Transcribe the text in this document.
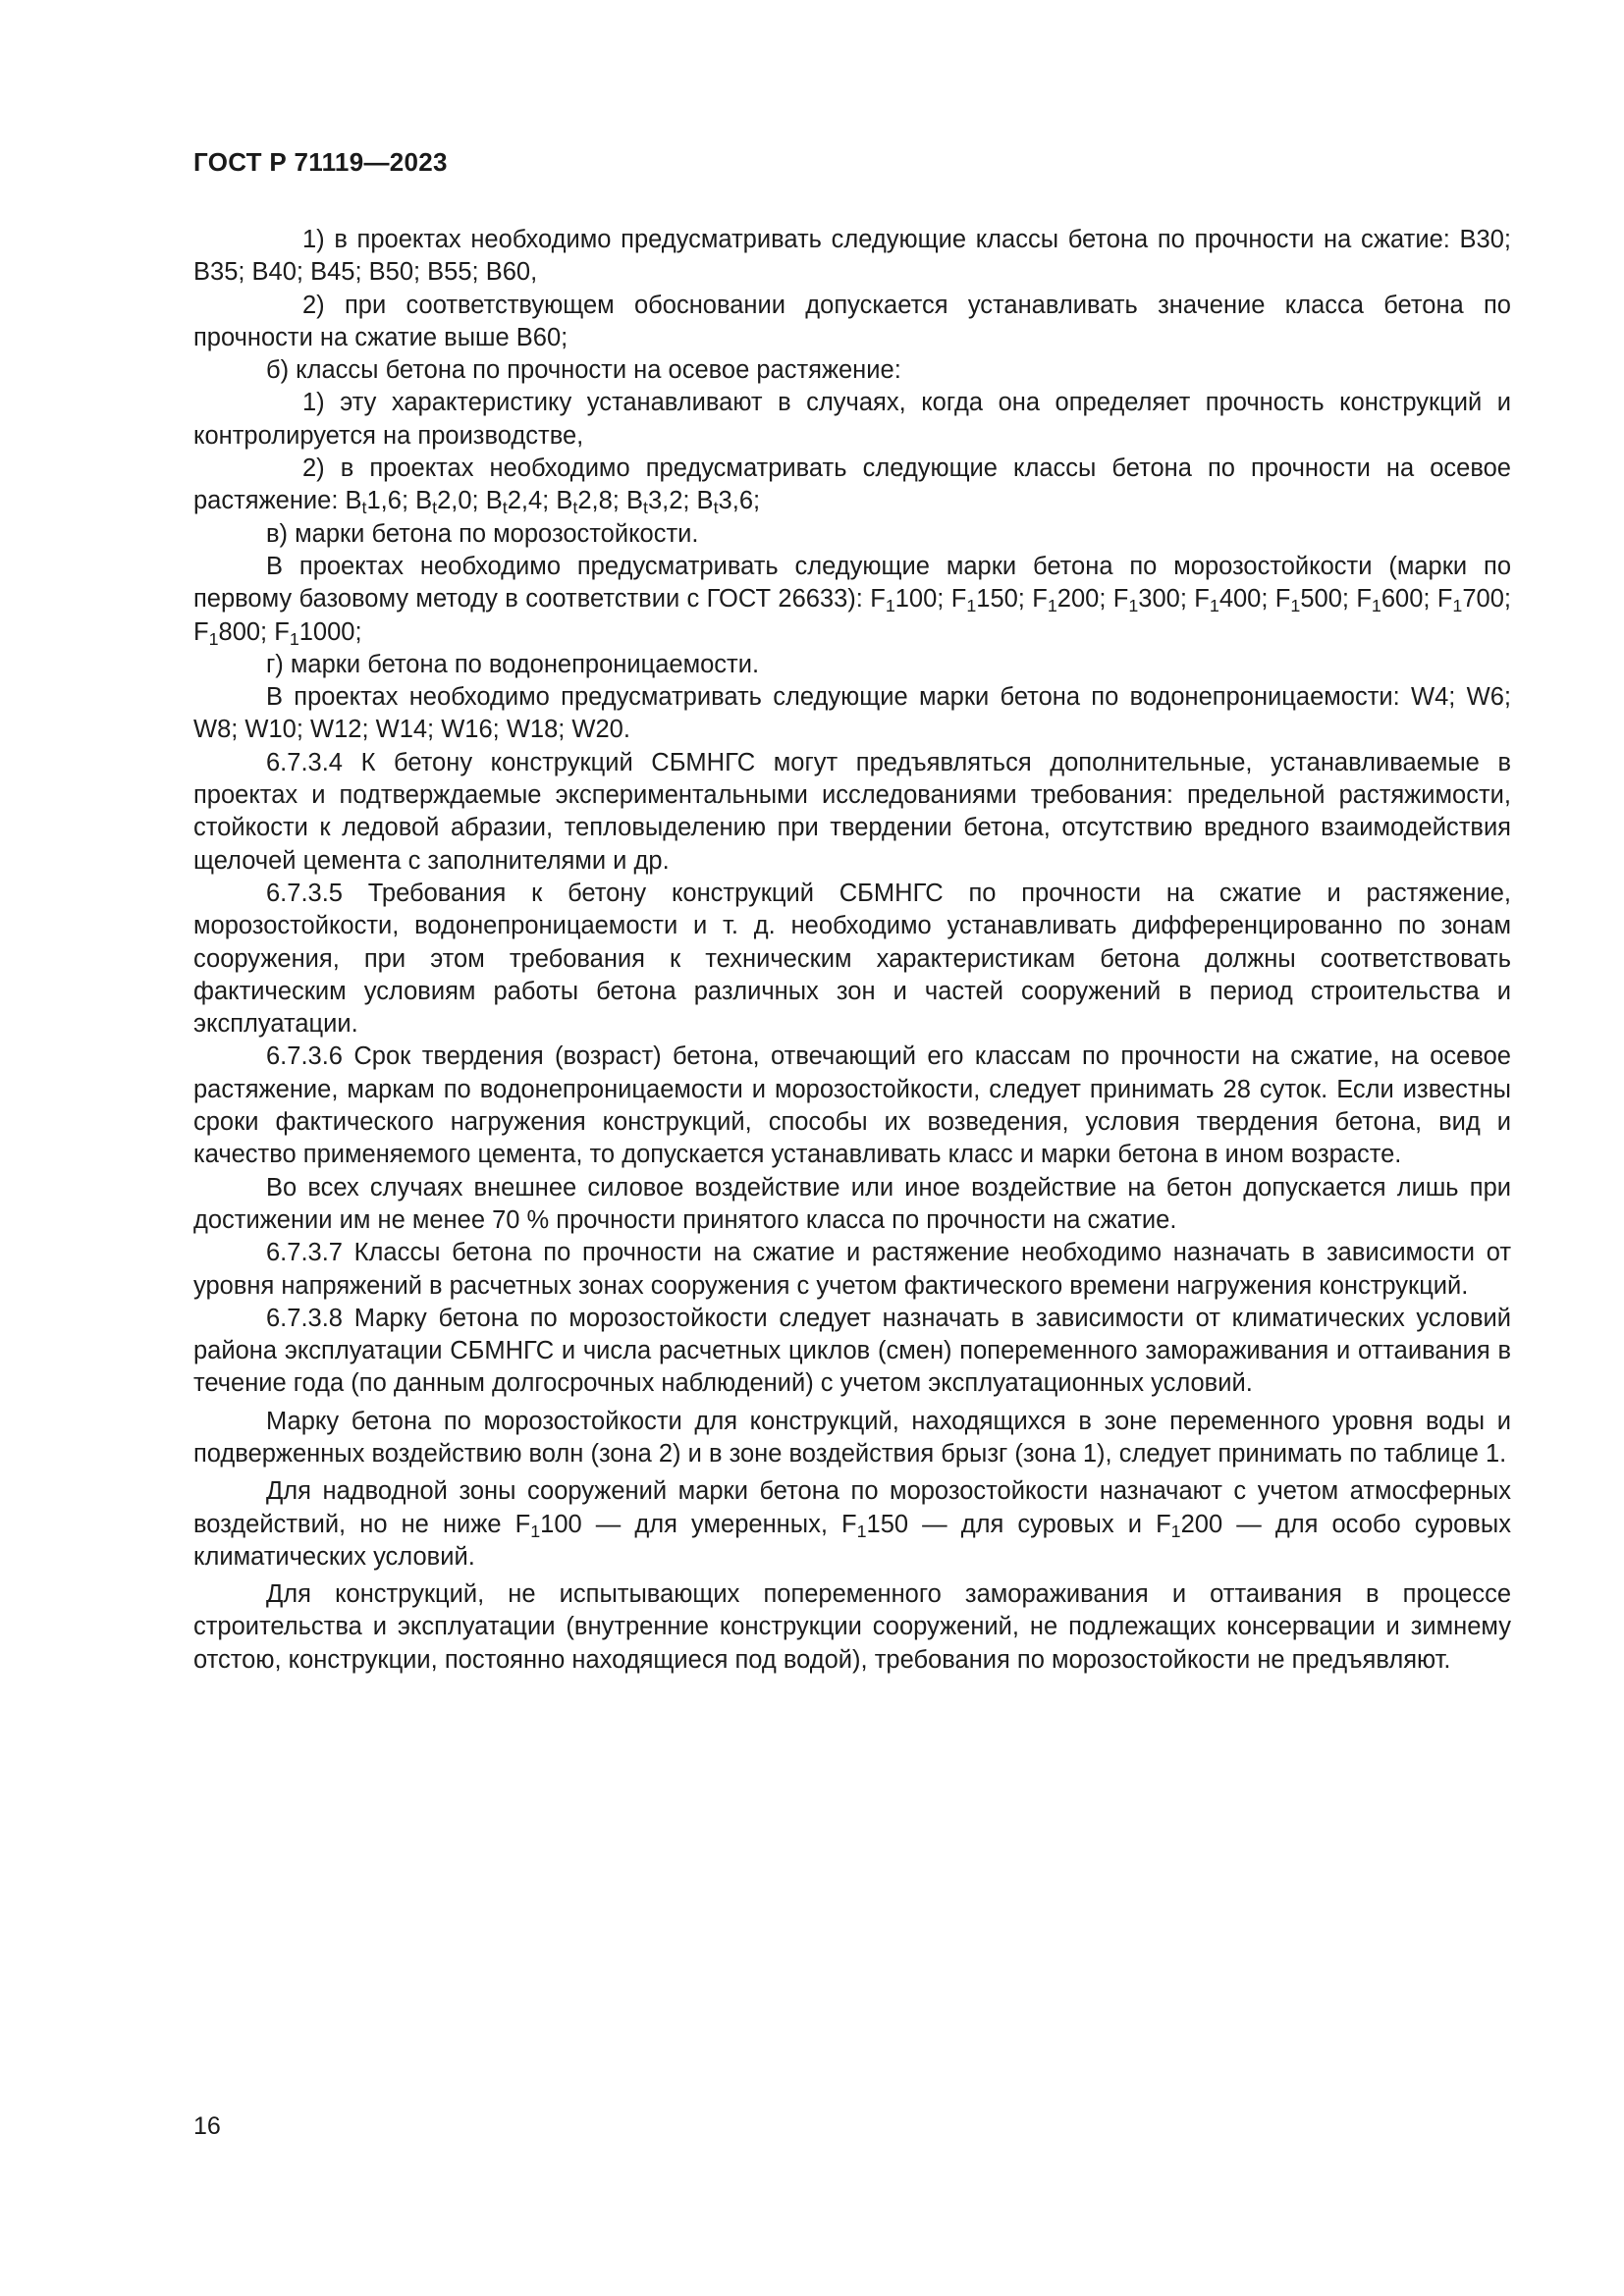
ГОСТ Р 71119—2023

1) в проектах необходимо предусматривать следующие классы бетона по прочности на сжатие: В30; В35; В40; В45; В50; В55; В60,

2) при соответствующем обосновании допускается устанавливать значение класса бетона по прочности на сжатие выше В60;

б) классы бетона по прочности на осевое растяжение:

1) эту характеристику устанавливают в случаях, когда она определяет прочность конструкций и контролируется на производстве,

2) в проектах необходимо предусматривать следующие классы бетона по прочности на осевое растяжение: $B_t1,6$; $B_t2,0$; $B_t2,4$; $B_t2,8$; $B_t3,2$; $B_t3,6$;

в) марки бетона по морозостойкости.

В проектах необходимо предусматривать следующие марки бетона по морозостойкости (марки по первому базовому методу в соответствии с ГОСТ 26633): $F_1100$; $F_1150$; $F_1200$; $F_1300$; $F_1400$; $F_1500$; $F_1600$; $F_1700$; $F_1800$; $F_11000$;

г) марки бетона по водонепроницаемости.

В проектах необходимо предусматривать следующие марки бетона по водонепроницаемости: W4; W6; W8; W10; W12; W14; W16; W18; W20.

6.7.3.4 К бетону конструкций СБМНГС могут предъявляться дополнительные, устанавливаемые в проектах и подтверждаемые экспериментальными исследованиями требования: предельной растяжимости, стойкости к ледовой абразии, тепловыделению при твердении бетона, отсутствию вредного взаимодействия щелочей цемента с заполнителями и др.

6.7.3.5 Требования к бетону конструкций СБМНГС по прочности на сжатие и растяжение, морозостойкости, водонепроницаемости и т. д. необходимо устанавливать дифференцированно по зонам сооружения, при этом требования к техническим характеристикам бетона должны соответствовать фактическим условиям работы бетона различных зон и частей сооружений в период строительства и эксплуатации.

6.7.3.6 Срок твердения (возраст) бетона, отвечающий его классам по прочности на сжатие, на осевое растяжение, маркам по водонепроницаемости и морозостойкости, следует принимать 28 суток. Если известны сроки фактического нагружения конструкций, способы их возведения, условия твердения бетона, вид и качество применяемого цемента, то допускается устанавливать класс и марки бетона в ином возрасте.

Во всех случаях внешнее силовое воздействие или иное воздействие на бетон допускается лишь при достижении им не менее 70 % прочности принятого класса по прочности на сжатие.

6.7.3.7 Классы бетона по прочности на сжатие и растяжение необходимо назначать в зависимости от уровня напряжений в расчетных зонах сооружения с учетом фактического времени нагружения конструкций.

6.7.3.8 Марку бетона по морозостойкости следует назначать в зависимости от климатических условий района эксплуатации СБМНГС и числа расчетных циклов (смен) попеременного замораживания и оттаивания в течение года (по данным долгосрочных наблюдений) с учетом эксплуатационных условий.

Марку бетона по морозостойкости для конструкций, находящихся в зоне переменного уровня воды и подверженных воздействию волн (зона 2) и в зоне воздействия брызг (зона 1), следует принимать по таблице 1.

Для надводной зоны сооружений марки бетона по морозостойкости назначают с учетом атмосферных воздействий, но не ниже $F_1100$ — для умеренных, $F_1150$ — для суровых и $F_1200$ — для особо суровых климатических условий.

Для конструкций, не испытывающих попеременного замораживания и оттаивания в процессе строительства и эксплуатации (внутренние конструкции сооружений, не подлежащих консервации и зимнему отстою, конструкции, постоянно находящиеся под водой), требования по морозостойкости не предъявляют.

16
